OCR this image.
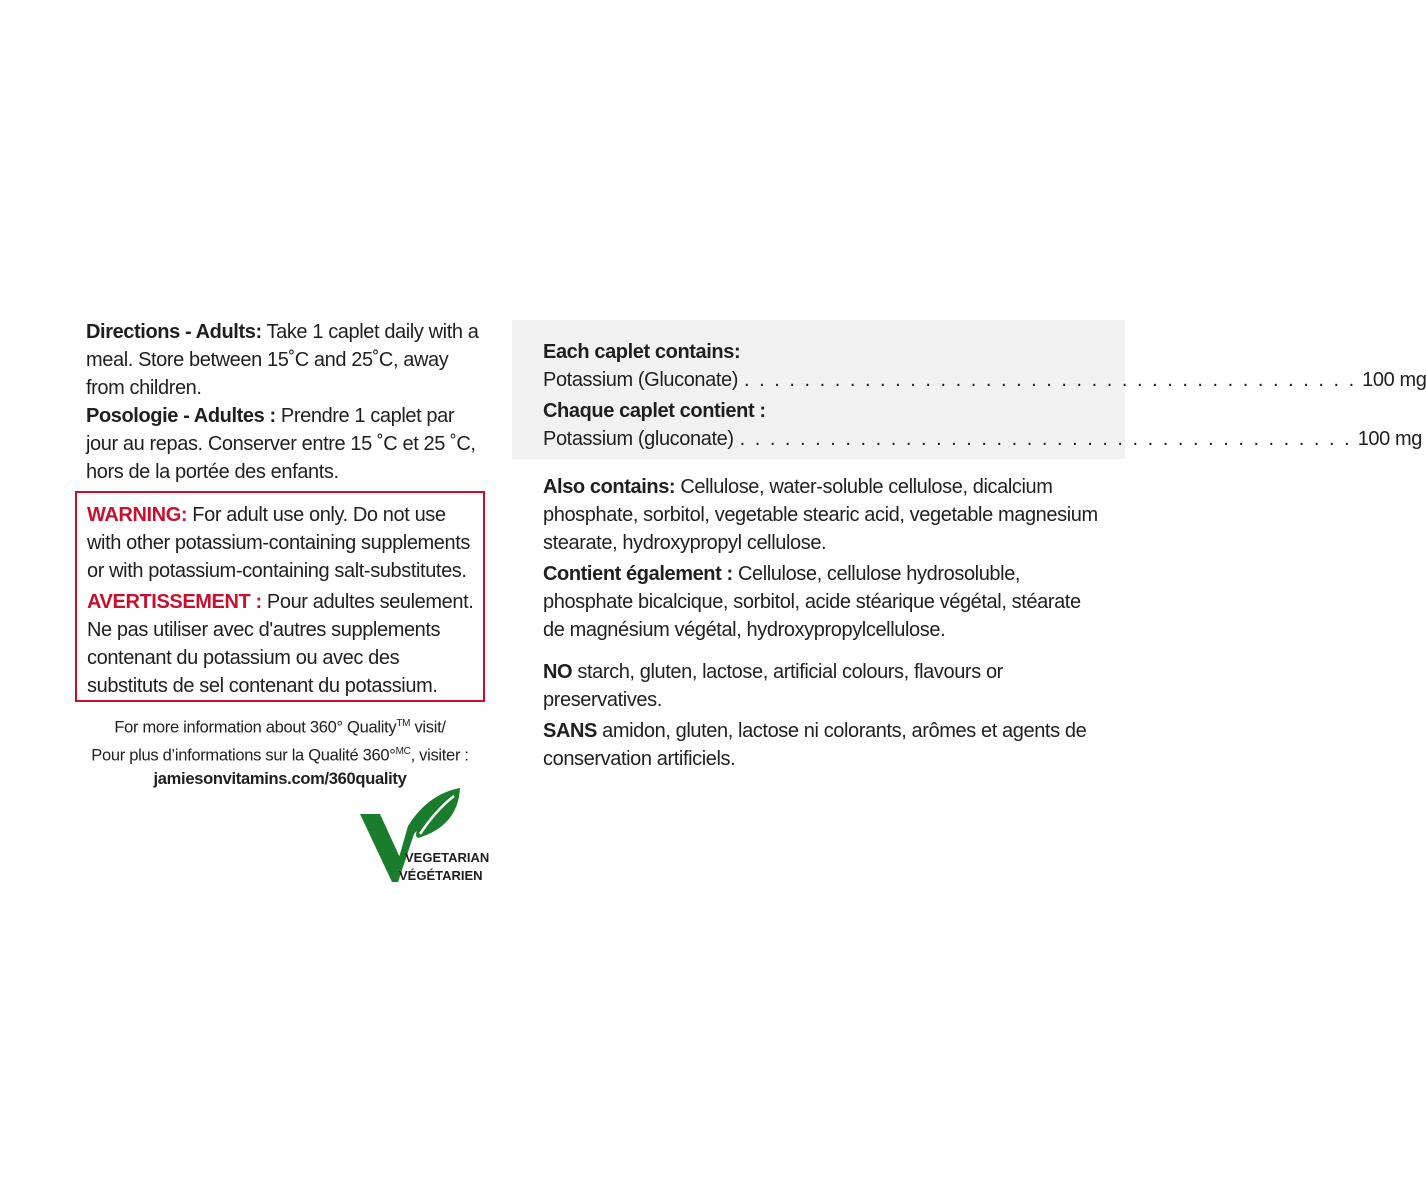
Directions - Adults: Take 1 caplet daily with a meal. Store between 15˚C and 25˚C, away from children.

Posologie - Adultes : Prendre 1 caplet par jour au repas. Conserver entre 15 ˚C et 25 ˚C, hors de la portée des enfants.

WARNING: For adult use only. Do not use with other potassium-containing supplements or with potassium-containing salt-substitutes.

AVERTISSEMENT : Pour adultes seulement. Ne pas utiliser avec d'autres supplements contenant du potassium ou avec des substituts de sel contenant du potassium.

For more information about 360° Quality™ visit/
Pour plus d’informations sur la Qualité 360°$^{MC}$, visiter :
jamiesonvitamins.com/360quality
VEGETARIAN
VÉGÉTARIEN
Each caplet contains:
Potassium (Gluconate) . . . . . . . . . . . . . . . . . . . . . . . . . . . . . . . . . . . . . . . . . 100 mg
Chaque caplet contient :
Potassium (gluconate) . . . . . . . . . . . . . . . . . . . . . . . . . . . . . . . . . . . . . . . . . 100 mg

Also contains: Cellulose, water-soluble cellulose, dicalcium phosphate, sorbitol, vegetable stearic acid, vegetable magnesium stearate, hydroxypropyl cellulose.

Contient également : Cellulose, cellulose hydrosoluble, phosphate bicalcique, sorbitol, acide stéarique végétal, stéarate de magnésium végétal, hydroxypropylcellulose.

NO starch, gluten, lactose, artificial colours, flavours or preservatives.

SANS amidon, gluten, lactose ni colorants, arômes et agents de conservation artificiels.
